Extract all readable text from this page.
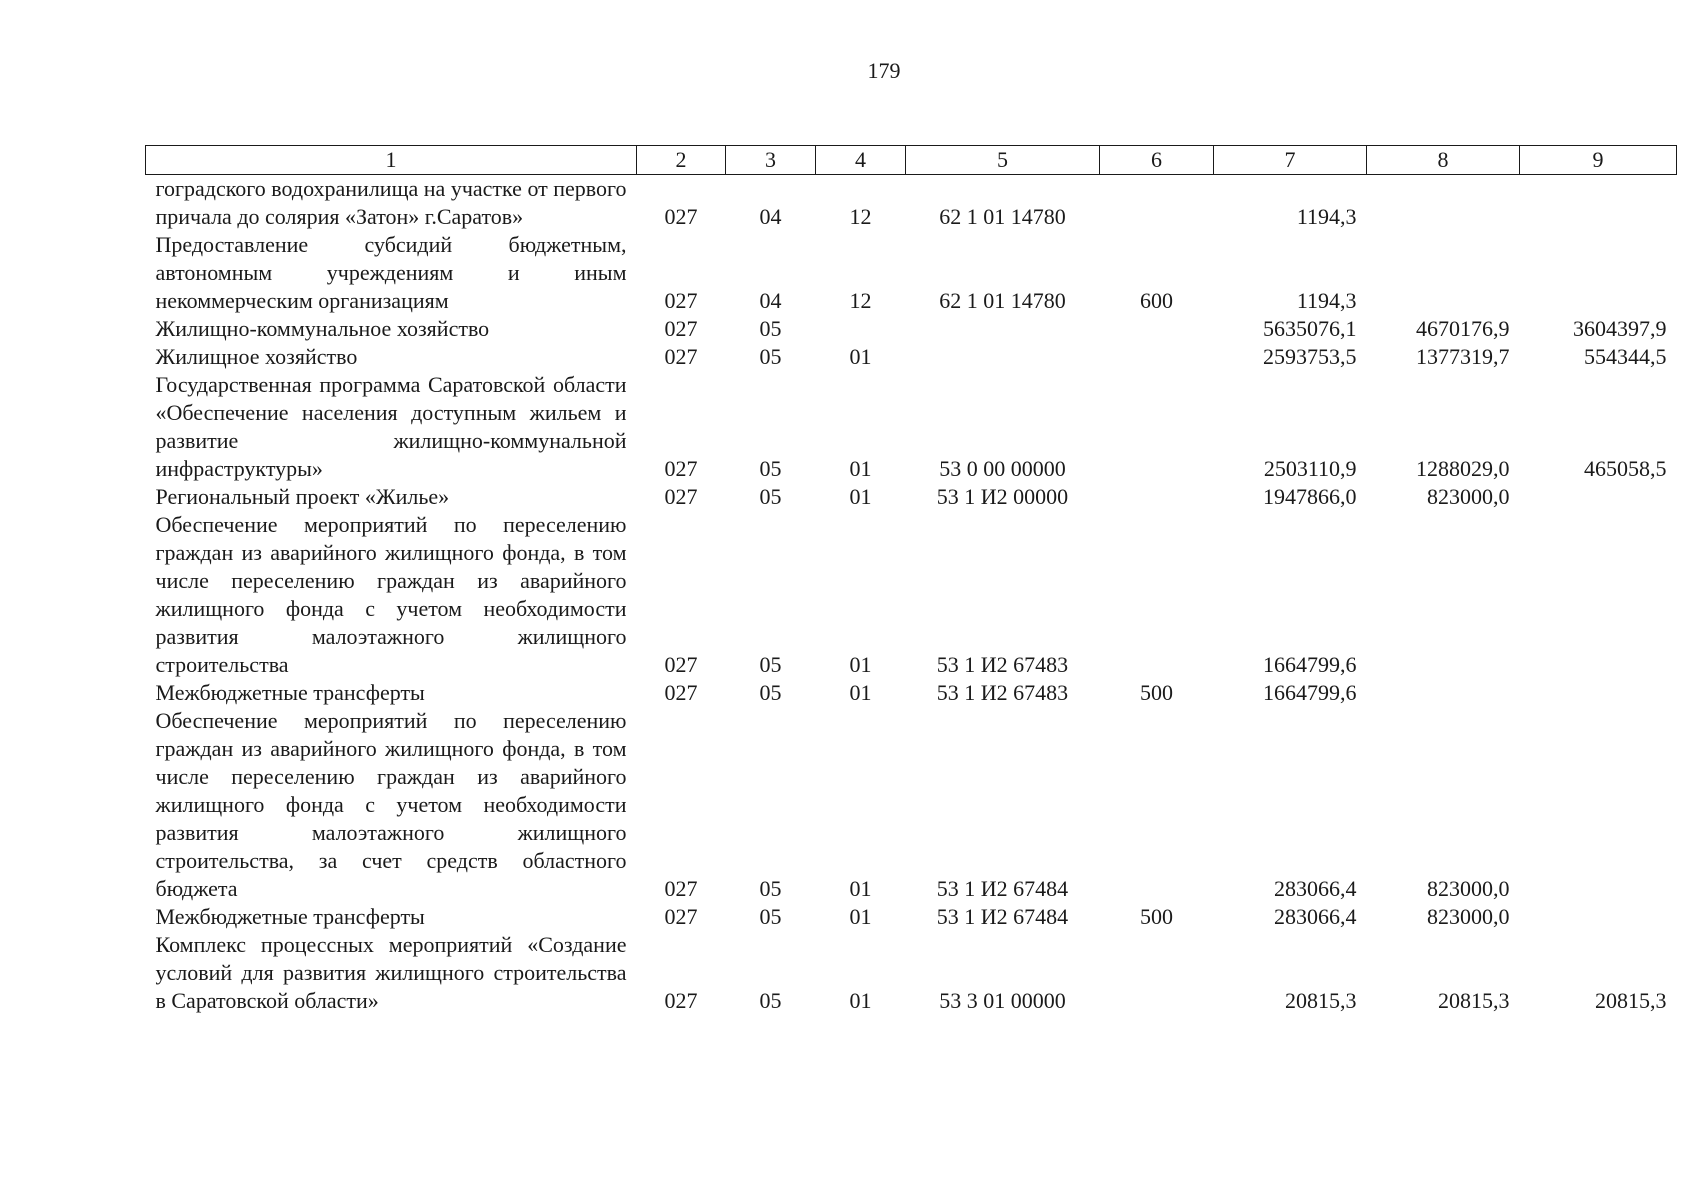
179
1	2	3	4	5	6	7	8	9
гоградского водохранилища на участке от первого причала до солярия «Затон» г.Саратов»	027	04	12	62 1 01 14780		1194,3		
Предоставление субсидий бюджетным, автономным учреждениям и иным некоммерческим организациям	027	04	12	62 1 01 14780	600	1194,3		
Жилищно-коммунальное хозяйство	027	05				5635076,1	4670176,9	3604397,9
Жилищное хозяйство	027	05	01			2593753,5	1377319,7	554344,5
Государственная программа Саратовской области «Обеспечение населения доступным жильем и развитие жилищно-коммунальной инфраструктуры»	027	05	01	53 0 00 00000		2503110,9	1288029,0	465058,5
Региональный проект «Жилье»	027	05	01	53 1 И2 00000		1947866,0	823000,0	
Обеспечение мероприятий по переселению граждан из аварийного жилищного фонда, в том числе переселению граждан из аварийного жилищного фонда с учетом необходимости развития малоэтажного жилищного строительства	027	05	01	53 1 И2 67483		1664799,6		
Межбюджетные трансферты	027	05	01	53 1 И2 67483	500	1664799,6		
Обеспечение мероприятий по переселению граждан из аварийного жилищного фонда, в том числе переселению граждан из аварийного жилищного фонда с учетом необходимости развития малоэтажного жилищного строительства, за счет средств областного бюджета	027	05	01	53 1 И2 67484		283066,4	823000,0	
Межбюджетные трансферты	027	05	01	53 1 И2 67484	500	283066,4	823000,0	
Комплекс процессных мероприятий «Создание условий для развития жилищного строительства в Саратовской области»	027	05	01	53 3 01 00000		20815,3	20815,3	20815,3
